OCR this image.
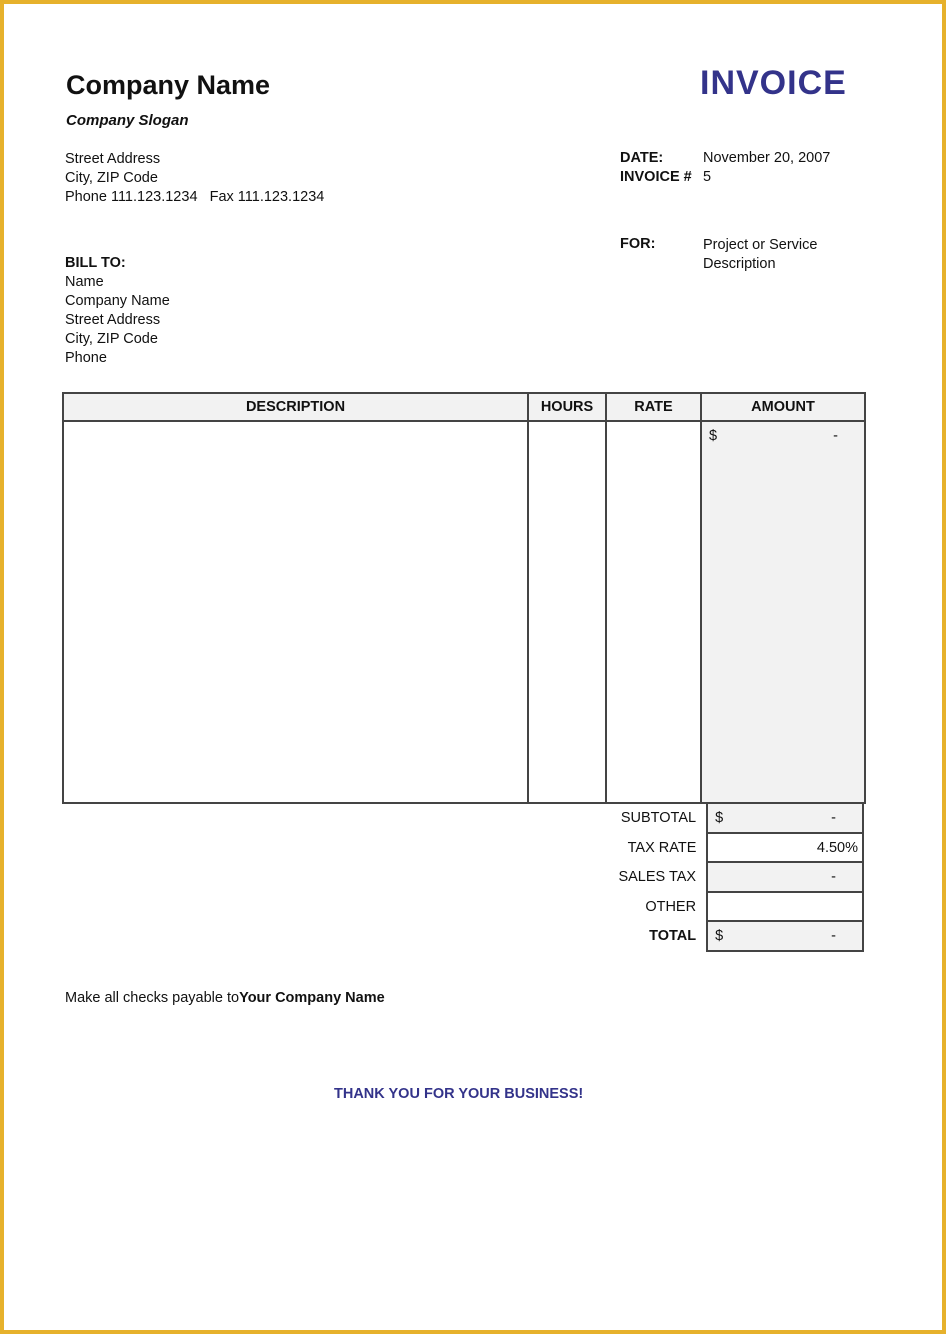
Company Name
Company Slogan
Street Address
City, ZIP Code
Phone 111.123.1234   Fax 111.123.1234
INVOICE
DATE:	November 20, 2007
INVOICE # 5
FOR:	Project or Service
Description
BILL TO:
Name
Company Name
Street Address
City, ZIP Code
Phone
DESCRIPTION	HOURS	RATE	AMOUNT

			$ -
SUBTOTAL	$	-
TAX RATE	4.50%
SALES TAX	-
OTHER
TOTAL	$	-
Make all checks payable toYour Company Name
THANK YOU FOR YOUR BUSINESS!
